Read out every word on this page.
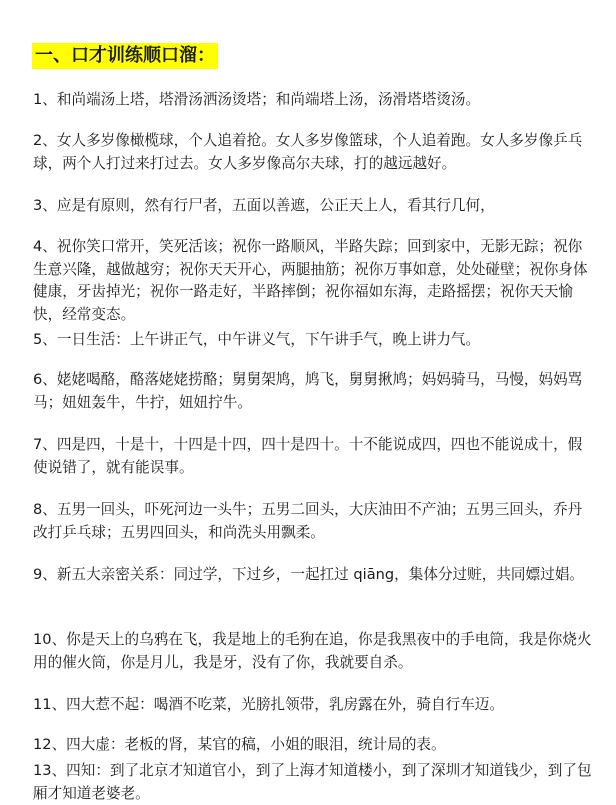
一、口才训练顺口溜：

1、和尚端汤上塔，塔滑汤洒汤烫塔；和尚端塔上汤，汤滑塔塔烫汤。

2、女人多岁像橄榄球，个人追着抢。女人多岁像篮球，个人追着跑。女人多岁像乒乓球，两个人打过来打过去。女人多岁像高尔夫球，打的越远越好。

3、应是有原则，然有行尸者，五面以善遮，公正天上人，看其行几何，

4、祝你笑口常开，笑死活该；祝你一路顺风，半路失踪；回到家中，无影无踪；祝你生意兴隆，越做越穷；祝你天天开心，两腿抽筋；祝你万事如意，处处碰壁；祝你身体健康，牙齿掉光；祝你一路走好，半路摔倒；祝你福如东海，走路摇摆；祝你天天愉快，经常变态。

5、一日生活：上午讲正气，中午讲义气，下午讲手气，晚上讲力气。

6、姥姥喝酪，酪落姥姥捞酪；舅舅架鸠，鸠飞，舅舅揪鸠；妈妈骑马，马慢，妈妈骂马；妞妞轰牛，牛拧，妞妞拧牛。

7、四是四，十是十，十四是十四，四十是四十。十不能说成四，四也不能说成十，假使说错了，就有能误事。

8、五男一回头，吓死河边一头牛；五男二回头，大庆油田不产油；五男三回头，乔丹改打乒乓球；五男四回头，和尚洗头用飘柔。

9、新五大亲密关系：同过学，下过乡，一起扛过 qiāng，集体分过赃，共同嫖过娼。

10、你是天上的乌鸦在飞，我是地上的毛狗在追，你是我黑夜中的手电筒，我是你烧火用的催火筒，你是月儿，我是牙，没有了你，我就要自杀。

11、四大惹不起：喝酒不吃菜，光膀扎领带，乳房露在外，骑自行车迈。

12、四大虚：老板的肾，某官的稿，小姐的眼泪，统计局的表。

13、四知：到了北京才知道官小，到了上海才知道楼小，到了深圳才知道钱少，到了包厢才知道老婆老。
